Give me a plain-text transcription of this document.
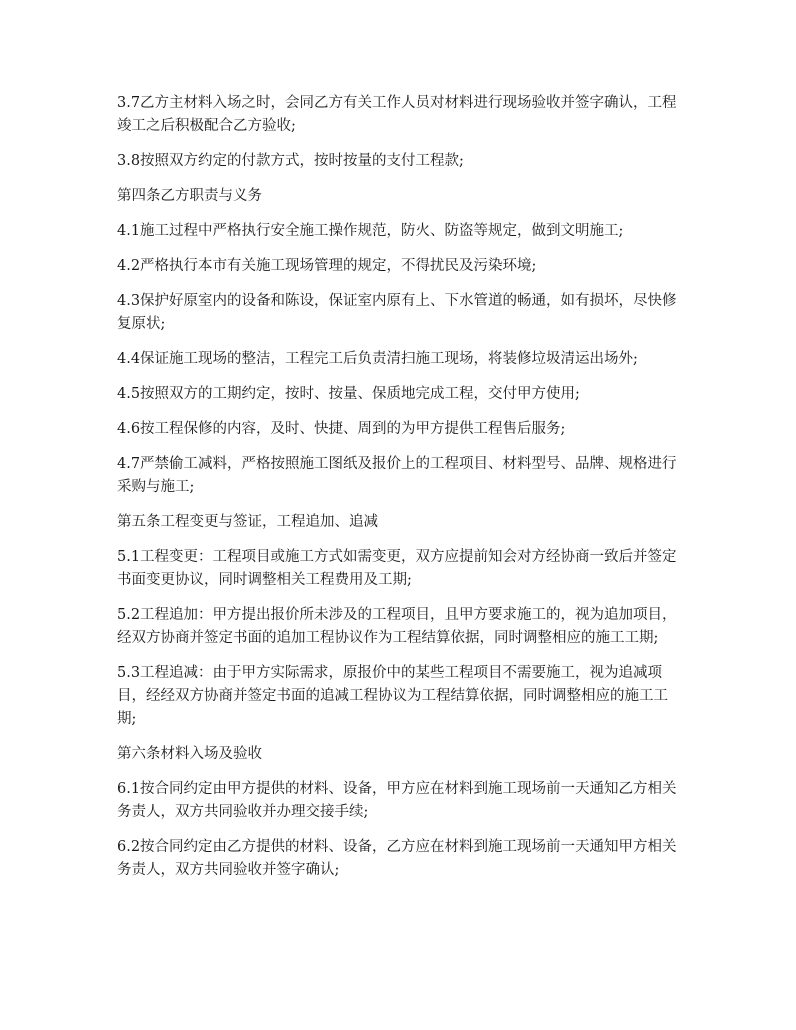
3.7乙方主材料入场之时，会同乙方有关工作人员对材料进行现场验收并签字确认，工程竣工之后积极配合乙方验收;

3.8按照双方约定的付款方式，按时按量的支付工程款;

第四条乙方职责与义务

4.1施工过程中严格执行安全施工操作规范，防火、防盗等规定，做到文明施工;

4.2严格执行本市有关施工现场管理的规定，不得扰民及污染环境;

4.3保护好原室内的设备和陈设，保证室内原有上、下水管道的畅通，如有损坏，尽快修复原状;

4.4保证施工现场的整洁，工程完工后负责清扫施工现场，将装修垃圾清运出场外;

4.5按照双方的工期约定，按时、按量、保质地完成工程，交付甲方使用;

4.6按工程保修的内容，及时、快捷、周到的为甲方提供工程售后服务;

4.7严禁偷工减料，严格按照施工图纸及报价上的工程项目、材料型号、品牌、规格进行采购与施工;

第五条工程变更与签证，工程追加、追减

5.1工程变更：工程项目或施工方式如需变更，双方应提前知会对方经协商一致后并签定书面变更协议，同时调整相关工程费用及工期;

5.2工程追加：甲方提出报价所未涉及的工程项目，且甲方要求施工的，视为追加项目，经双方协商并签定书面的追加工程协议作为工程结算依据，同时调整相应的施工工期;

5.3工程追减：由于甲方实际需求，原报价中的某些工程项目不需要施工，视为追减项目，经经双方协商并签定书面的追减工程协议为工程结算依据，同时调整相应的施工工期;

第六条材料入场及验收

6.1按合同约定由甲方提供的材料、设备，甲方应在材料到施工现场前一天通知乙方相关务责人，双方共同验收并办理交接手续;

6.2按合同约定由乙方提供的材料、设备，乙方应在材料到施工现场前一天通知甲方相关务责人，双方共同验收并签字确认;
